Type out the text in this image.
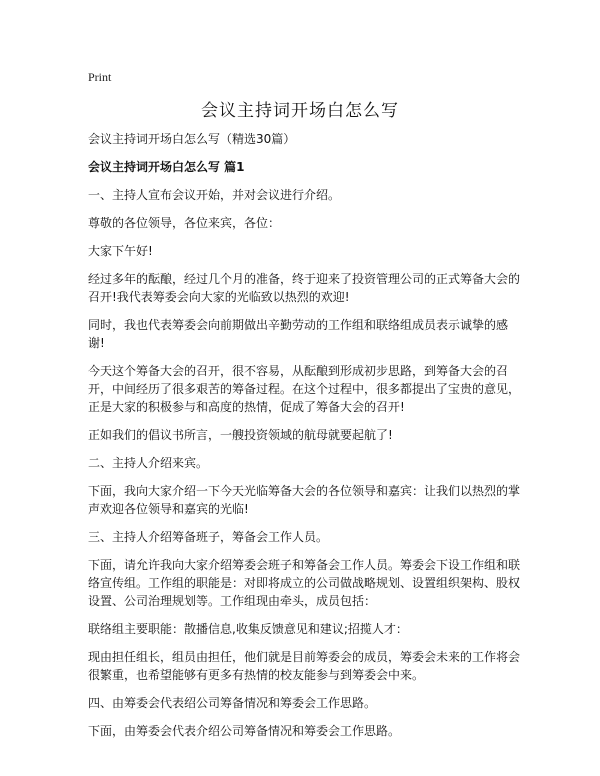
Print
会议主持词开场白怎么写

会议主持词开场白怎么写（精选30篇）

会议主持词开场白怎么写 篇1

一、主持人宣布会议开始，并对会议进行介绍。

尊敬的各位领导，各位来宾，各位：

大家下午好!

经过多年的酝酿，经过几个月的准备，终于迎来了投资管理公司的正式筹备大会的召开!我代表筹委会向大家的光临致以热烈的欢迎!

同时，我也代表筹委会向前期做出辛勤劳动的工作组和联络组成员表示诚挚的感谢!

今天这个筹备大会的召开，很不容易，从酝酿到形成初步思路，到筹备大会的召开，中间经历了很多艰苦的筹备过程。在这个过程中，很多都提出了宝贵的意见，正是大家的积极参与和高度的热情，促成了筹备大会的召开!

正如我们的倡议书所言，一艘投资领域的航母就要起航了!

二、主持人介绍来宾。

下面，我向大家介绍一下今天光临筹备大会的各位领导和嘉宾：让我们以热烈的掌声欢迎各位领导和嘉宾的光临!

三、主持人介绍筹备班子，筹备会工作人员。

下面，请允许我向大家介绍筹委会班子和筹备会工作人员。筹委会下设工作组和联络宣传组。工作组的职能是：对即将成立的公司做战略规划、设置组织架构、股权设置、公司治理规划等。工作组现由牵头，成员包括：

联络组主要职能：散播信息,收集反馈意见和建议;招揽人才：

现由担任组长，组员由担任，他们就是目前筹委会的成员，筹委会未来的工作将会很繁重，也希望能够有更多有热情的校友能参与到筹委会中来。

四、由筹委会代表绍公司筹备情况和筹委会工作思路。

下面，由筹委会代表介绍公司筹备情况和筹委会工作思路。
